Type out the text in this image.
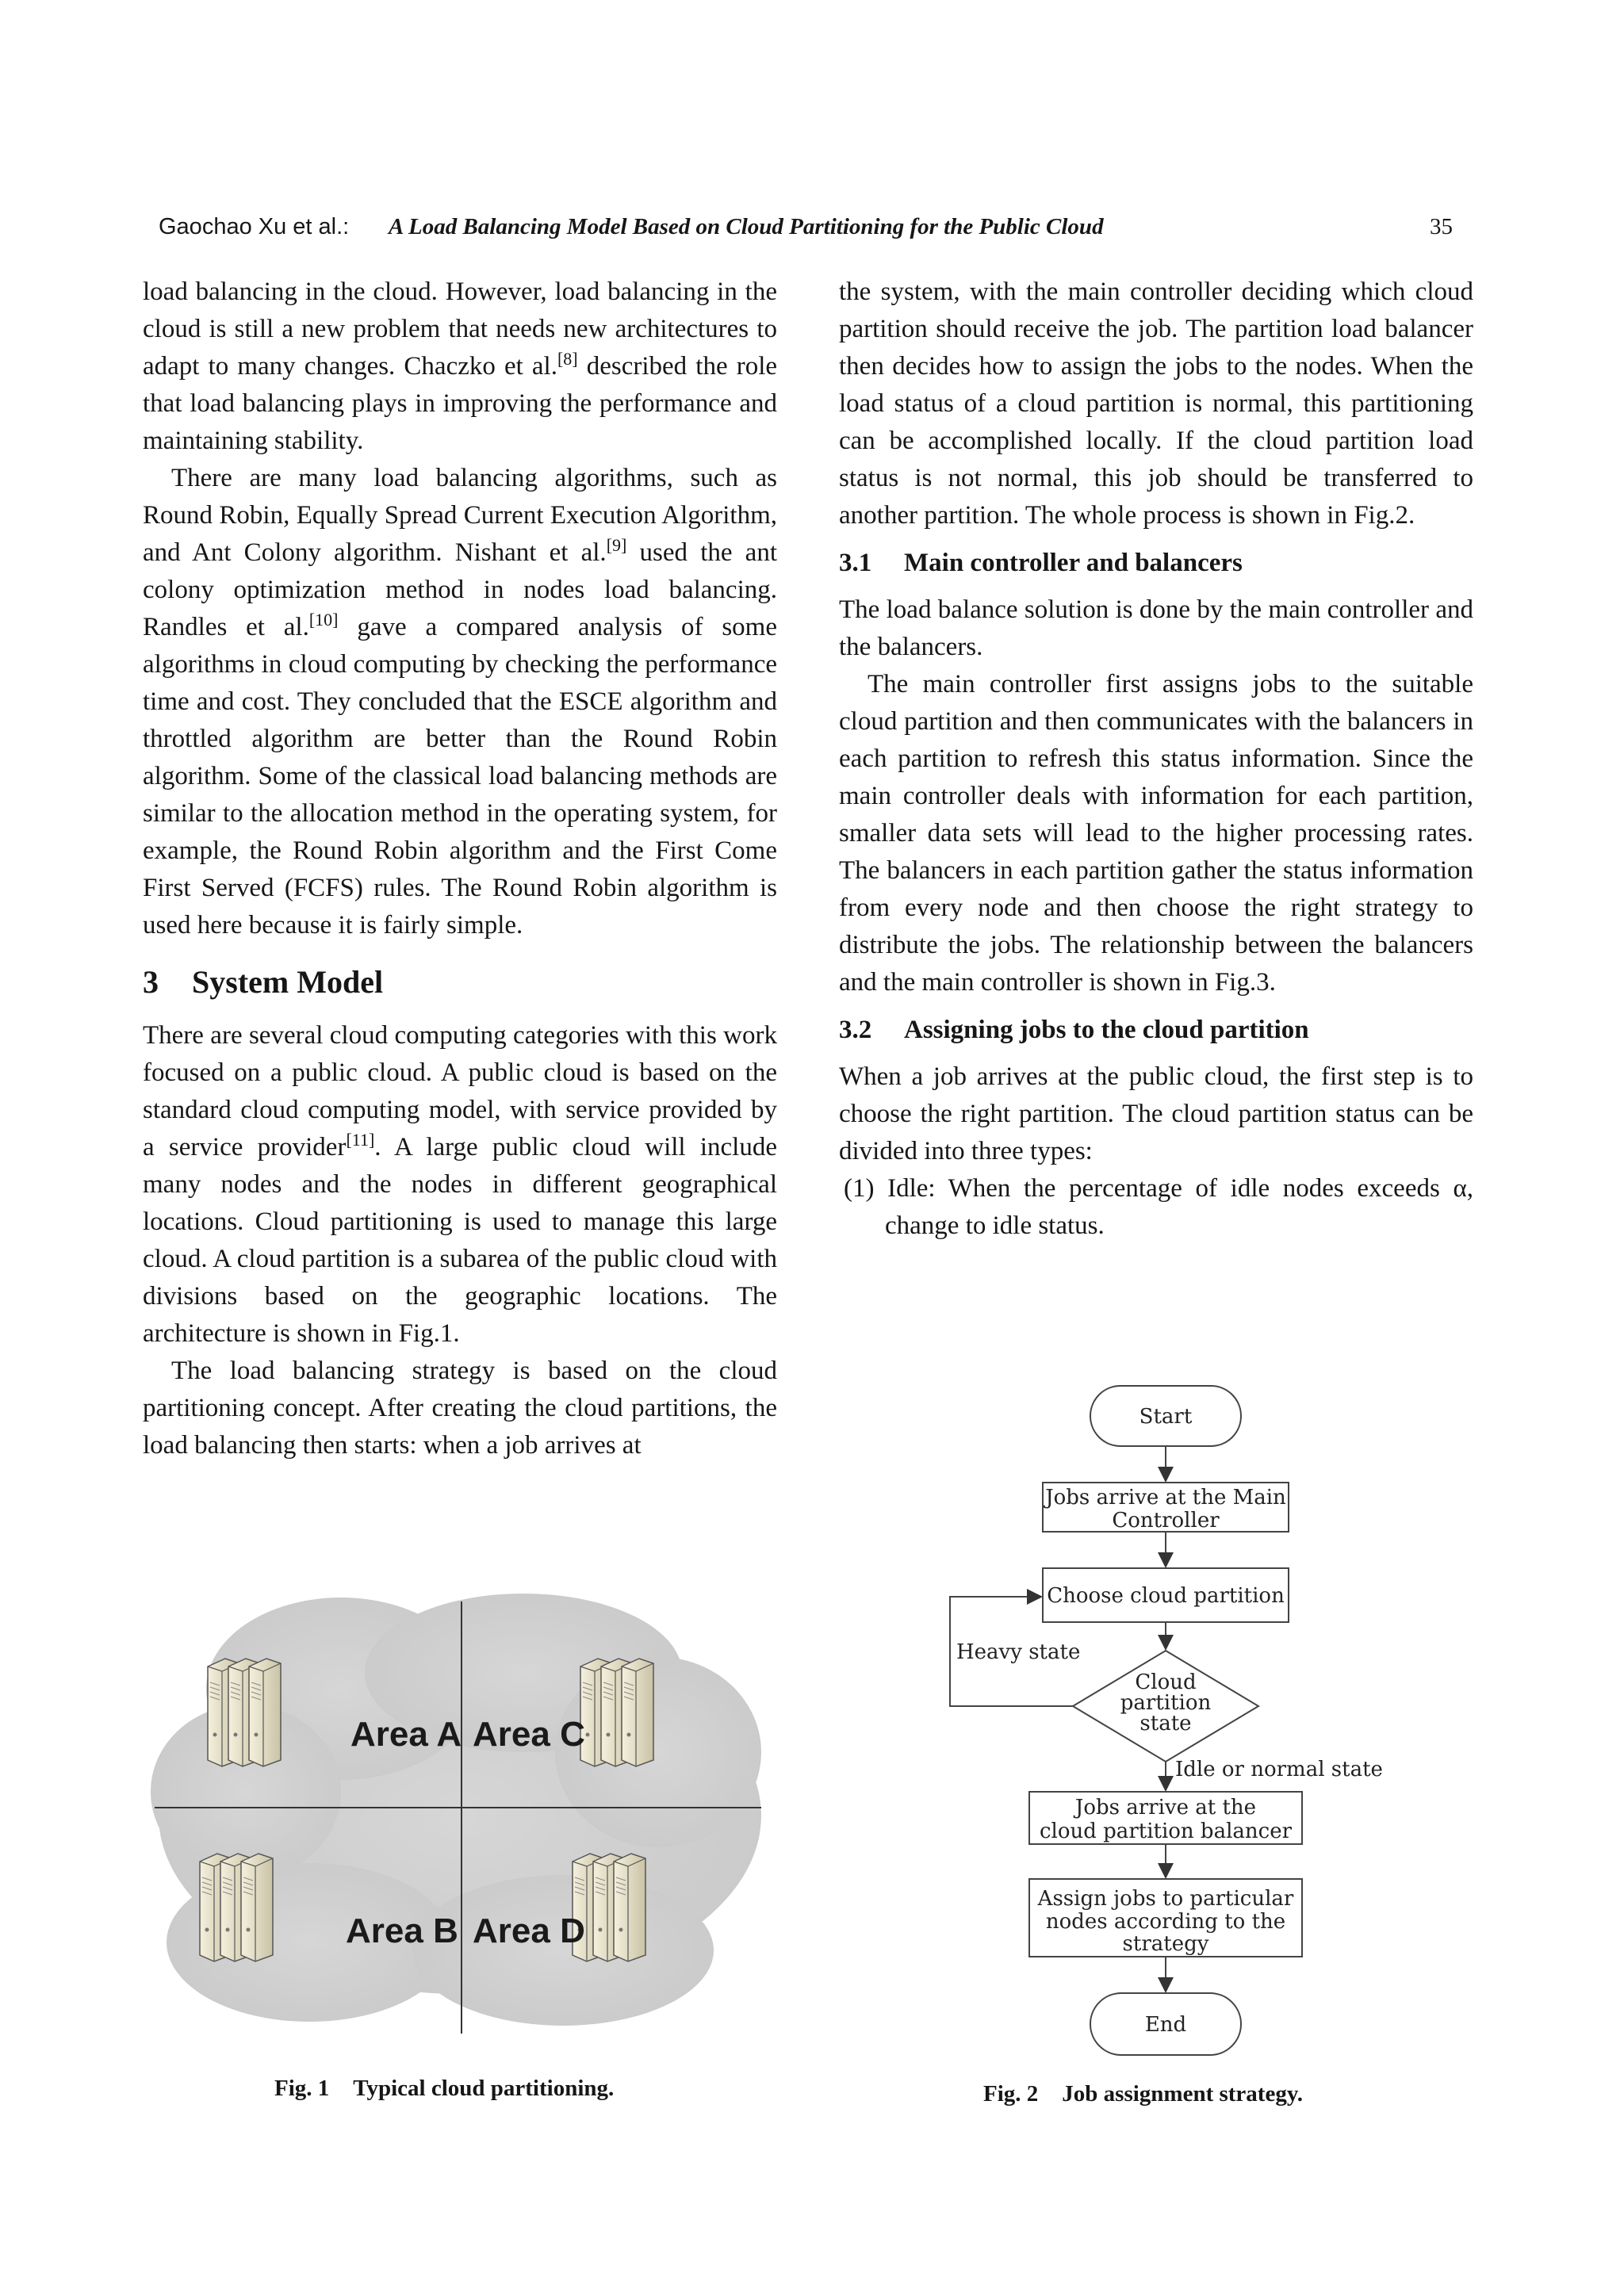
Gaochao Xu et al.: A Load Balancing Model Based on Cloud Partitioning for the Public Cloud	35

load balancing in the cloud. However, load balancing in the cloud is still a new problem that needs new architectures to adapt to many changes. Chaczko et al.[8] described the role that load balancing plays in improving the performance and maintaining stability.

There are many load balancing algorithms, such as Round Robin, Equally Spread Current Execution Algorithm, and Ant Colony algorithm. Nishant et al.[9] used the ant colony optimization method in nodes load balancing. Randles et al.[10] gave a compared analysis of some algorithms in cloud computing by checking the performance time and cost. They concluded that the ESCE algorithm and throttled algorithm are better than the Round Robin algorithm. Some of the classical load balancing methods are similar to the allocation method in the operating system, for example, the Round Robin algorithm and the First Come First Served (FCFS) rules. The Round Robin algorithm is used here because it is fairly simple.

3 System Model

There are several cloud computing categories with this work focused on a public cloud. A public cloud is based on the standard cloud computing model, with service provided by a service provider[11]. A large public cloud will include many nodes and the nodes in different geographical locations. Cloud partitioning is used to manage this large cloud. A cloud partition is a subarea of the public cloud with divisions based on the geographic locations. The architecture is shown in Fig.1.

The load balancing strategy is based on the cloud partitioning concept. After creating the cloud partitions, the load balancing then starts: when a job arrives at

the system, with the main controller deciding which cloud partition should receive the job. The partition load balancer then decides how to assign the jobs to the nodes. When the load status of a cloud partition is normal, this partitioning can be accomplished locally. If the cloud partition load status is not normal, this job should be transferred to another partition. The whole process is shown in Fig.2.

3.1 Main controller and balancers

The load balance solution is done by the main controller and the balancers.

The main controller first assigns jobs to the suitable cloud partition and then communicates with the balancers in each partition to refresh this status information. Since the main controller deals with information for each partition, smaller data sets will lead to the higher processing rates. The balancers in each partition gather the status information from every node and then choose the right strategy to distribute the jobs. The relationship between the balancers and the main controller is shown in Fig.3.

3.2 Assigning jobs to the cloud partition

When a job arrives at the public cloud, the first step is to choose the right partition. The cloud partition status can be divided into three types:

(1) Idle: When the percentage of idle nodes exceeds α, change to idle status.

Area A Area C
Area B Area D
Fig. 1 Typical cloud partitioning.
Start
Jobs arrive at the Main
Controller
Choose cloud partition
Heavy state
Cloud
partition
state
Idle or normal state
Jobs arrive at the
cloud partition balancer
Assign jobs to particular
nodes according to the
strategy
End
Fig. 2 Job assignment strategy.
